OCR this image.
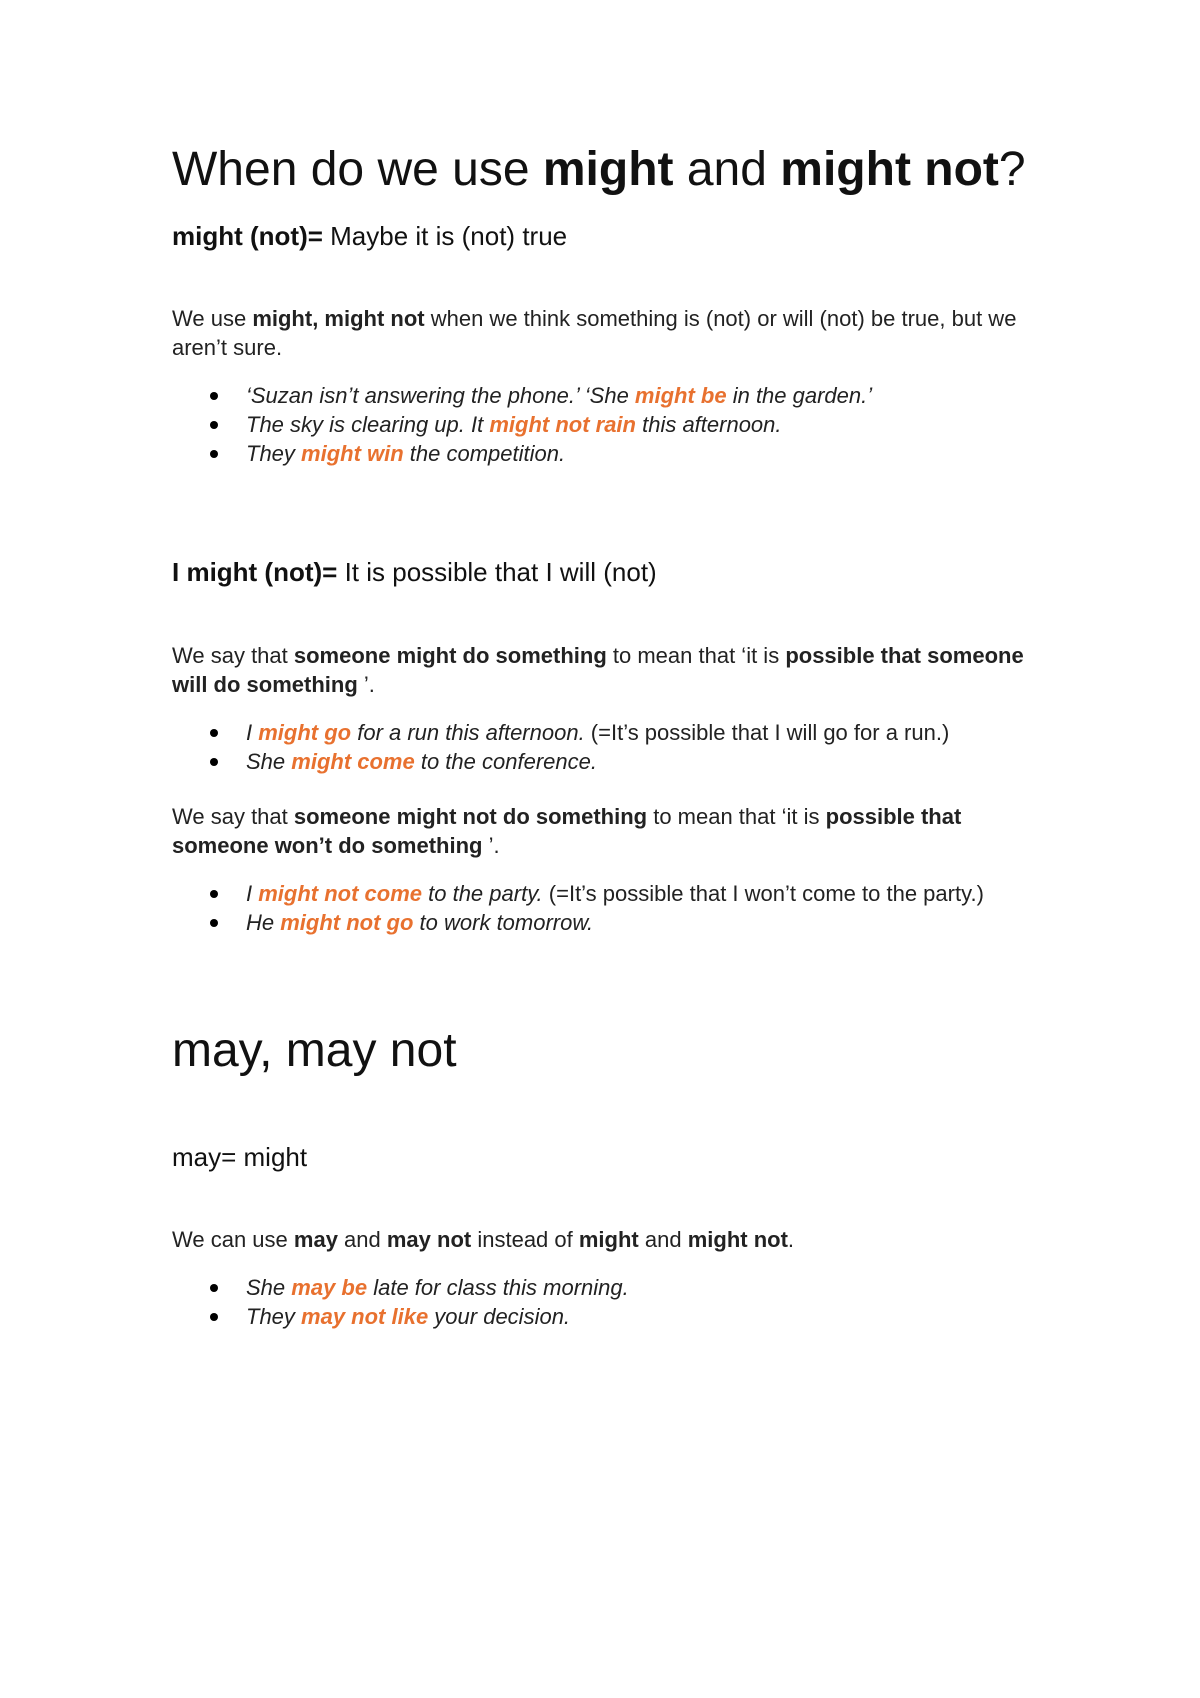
When do we use might and might not?
might (not)= Maybe it is (not) true

We use might, might not when we think something is (not) or will (not) be true, but we aren’t sure.

‘Suzan isn’t answering the phone.’ ‘She might be in the garden.’
The sky is clearing up. It might not rain this afternoon.
They might win the competition.
I might (not)= It is possible that I will (not)

We say that someone might do something to mean that ‘it is possible that someone will do something ’.

I might go for a run this afternoon. (=It’s possible that I will go for a run.)
She might come to the conference.

We say that someone might not do something to mean that ‘it is possible that someone won’t do something ’.

I might not come to the party. (=It’s possible that I won’t come to the party.)
He might not go to work tomorrow.
may, may not
may= might

We can use may and may not instead of might and might not.

She may be late for class this morning.
They may not like your decision.
